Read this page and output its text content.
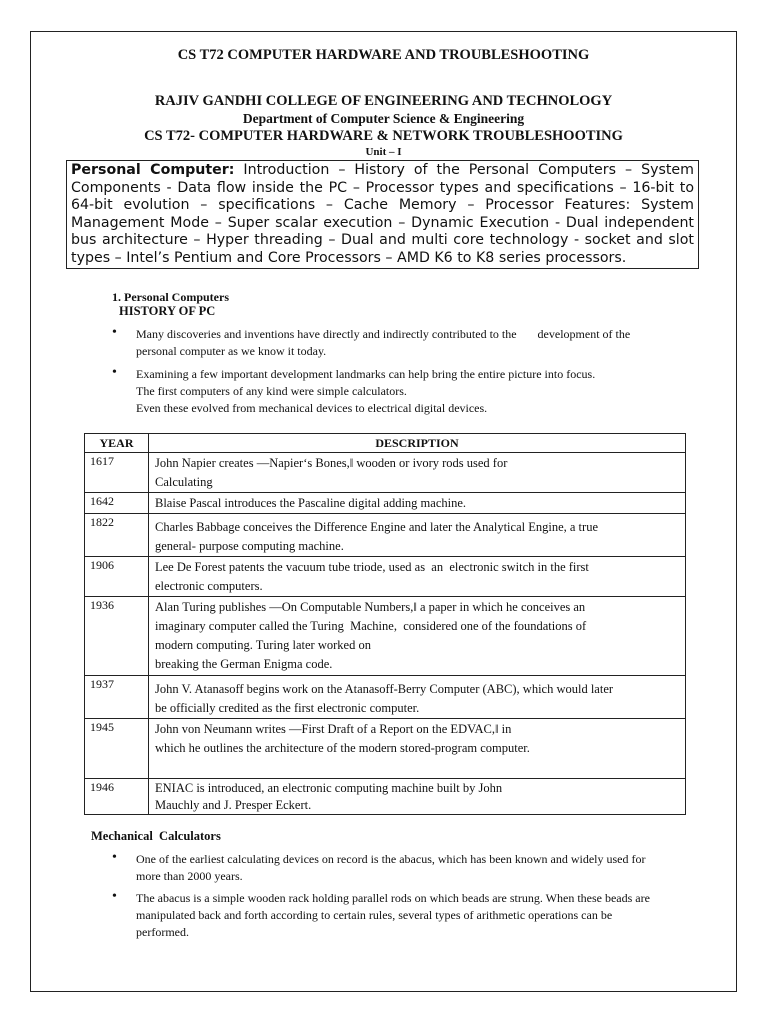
CS T72 COMPUTER HARDWARE AND TROUBLESHOOTING
RAJIV GANDHI COLLEGE OF ENGINEERING AND TECHNOLOGY
Department of Computer Science & Engineering
CS T72- COMPUTER HARDWARE & NETWORK TROUBLESHOOTING
Unit – I
Personal Computer: Introduction – History of the Personal Computers – System Components - Data flow inside the PC – Processor types and specifications – 16-bit to 64-bit evolution – specifications – Cache Memory – Processor Features: System Management Mode – Super scalar execution – Dynamic Execution - Dual independent bus architecture – Hyper threading – Dual and multi core technology - socket and slot types – Intel’s Pentium and Core Processors – AMD K6 to K8 series processors.
1. Personal Computers
HISTORY OF PC
• Many discoveries and inventions have directly and indirectly contributed to the       development of the
personal computer as we know it today.
• Examining a few important development landmarks can help bring the entire picture into focus.
The first computers of any kind were simple calculators.
Even these evolved from mechanical devices to electrical digital devices.
YEAR	DESCRIPTION
1617	John Napier creates ―Napier‘s Bones,‖ wooden or ivory rods used for
Calculating

1642	Blaise Pascal introduces the Pascaline digital adding machine.

1822	Charles Babbage conceives the Difference Engine and later the Analytical Engine, a true
general- purpose computing machine.

1906	Lee De Forest patents the vacuum tube triode, used as  an  electronic switch in the first
electronic computers.

1936	Alan Turing publishes ―On Computable Numbers,‖ a paper in which he conceives an
imaginary computer called the Turing  Machine,  considered one of the foundations of
modern computing. Turing later worked on
breaking the German Enigma code.

1937	John V. Atanasoff begins work on the Atanasoff-Berry Computer (ABC), which would later
be officially credited as the first electronic computer.

1945	John von Neumann writes ―First Draft of a Report on the EDVAC,‖ in
which he outlines the architecture of the modern stored-program computer.

1946	ENIAC is introduced, an electronic computing machine built by John
Mauchly and J. Presper Eckert.
Mechanical  Calculators
• One of the earliest calculating devices on record is the abacus, which has been known and widely used for
more than 2000 years.
• The abacus is a simple wooden rack holding parallel rods on which beads are strung. When these beads are
manipulated back and forth according to certain rules, several types of arithmetic operations can be
performed.
